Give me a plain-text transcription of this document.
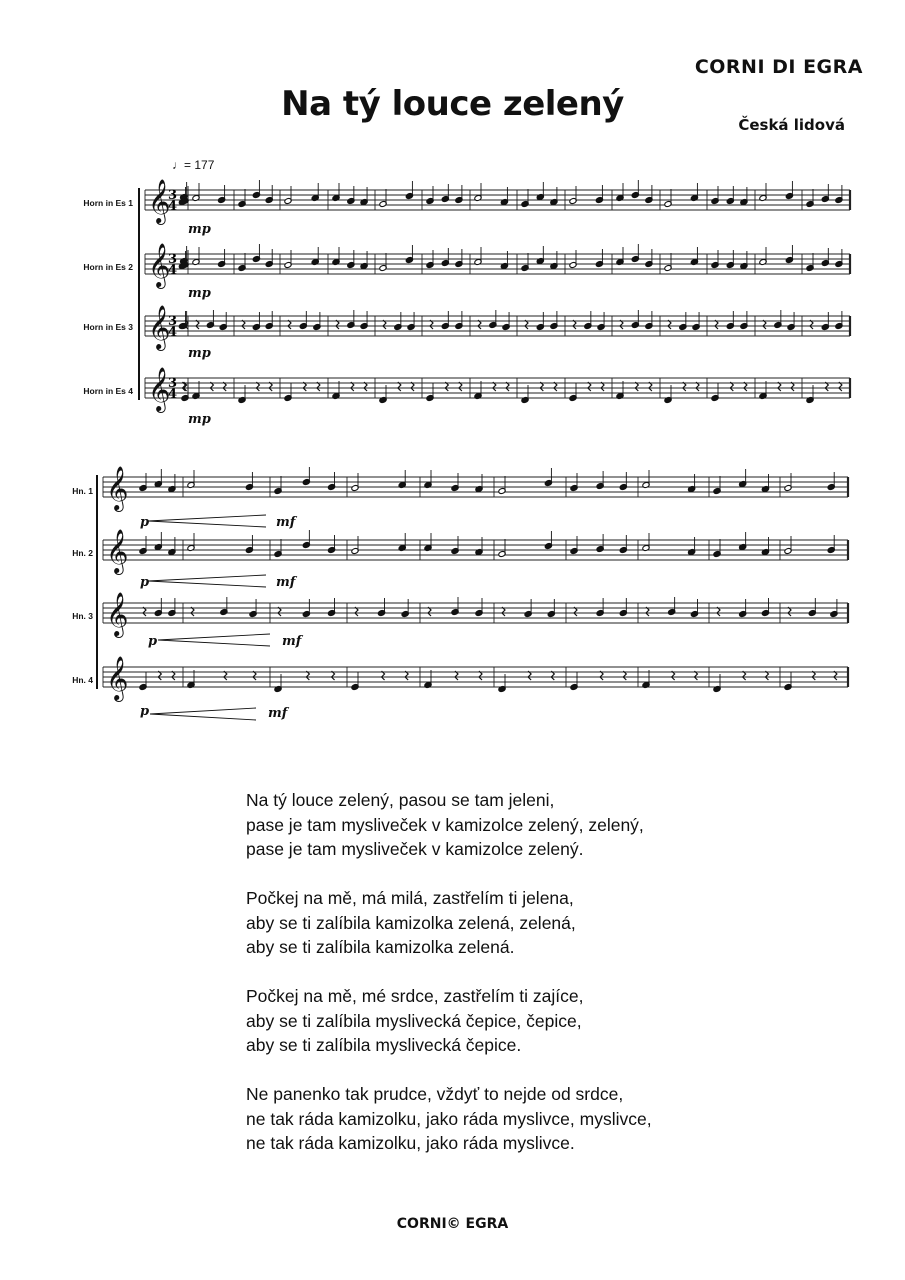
CORNI DI EGRA
Na tý louce zelený
Česká lidová
♩= 177
Horn in Es 1
Horn in Es 2
Horn in Es 3
Horn in Es 4
Hn. 1
Hn. 2
Hn. 3
Hn. 4
𝄞
3
4
𝄞
3
4
𝄞
3
4
𝄞
3
4
𝄞
𝄞
𝄞
𝄞
mp
mp
mp
mp
p	mf
p	mf
p	mf
p	mf
Na tý louce zelený, pasou se tam jeleni,
pase je tam mysliveček v kamizolce zelený, zelený,
pase je tam mysliveček v kamizolce zelený.
Počkej na mě, má milá, zastřelím ti jelena,
aby se ti zalíbila kamizolka zelená, zelená,
aby se ti zalíbila kamizolka zelená.
Počkej na mě, mé srdce, zastřelím ti zajíce,
aby se ti zalíbila myslivecká čepice, čepice,
aby se ti zalíbila myslivecká čepice.
Ne panenko tak prudce, vždyť to nejde od srdce,
ne tak ráda kamizolku, jako ráda myslivce, myslivce,
ne tak ráda kamizolku, jako ráda myslivce.
CORNI© EGRA
